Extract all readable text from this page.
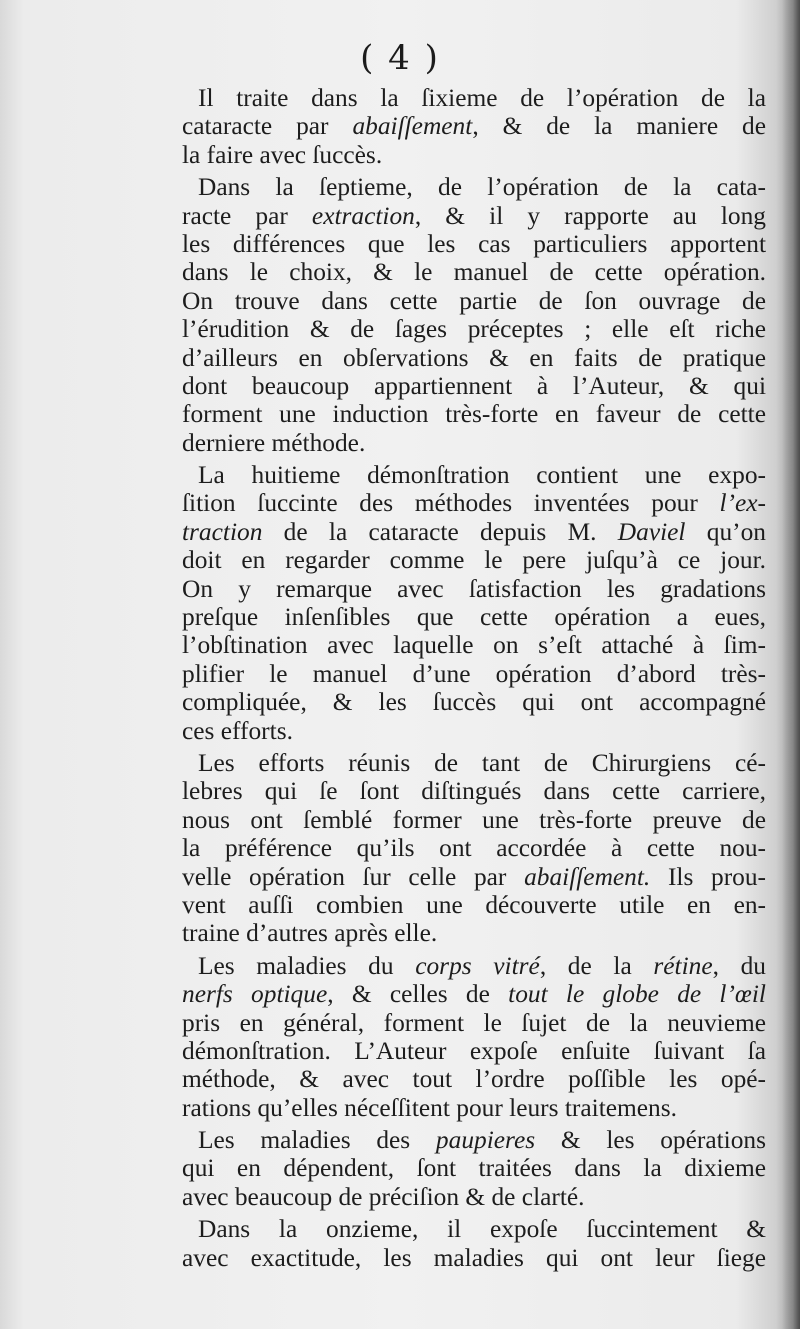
( 4 )
Il traite dans la ſixieme de l’opération de la
cataracte par abaiſſement, & de la maniere de
la faire avec ſuccès.
Dans la ſeptieme, de l’opération de la cata-
racte par extraction, & il y rapporte au long
les différences que les cas particuliers apportent
dans le choix, & le manuel de cette opération.
On trouve dans cette partie de ſon ouvrage de
l’érudition & de ſages préceptes ; elle eſt riche
d’ailleurs en obſervations & en faits de pratique
dont beaucoup appartiennent à l’Auteur, & qui
forment une induction très-forte en faveur de cette
derniere méthode.
La huitieme démonſtration contient une expo-
ſition ſuccinte des méthodes inventées pour l’ex-
traction de la cataracte depuis M. Daviel qu’on
doit en regarder comme le pere juſqu’à ce jour.
On y remarque avec ſatisfaction les gradations
preſque inſenſibles que cette opération a eues,
l’obſtination avec laquelle on s’eſt attaché à ſim-
plifier le manuel d’une opération d’abord très-
compliquée, & les ſuccès qui ont accompagné
ces efforts.
Les efforts réunis de tant de Chirurgiens cé-
lebres qui ſe ſont diſtingués dans cette carriere,
nous ont ſemblé former une très-forte preuve de
la préférence qu’ils ont accordée à cette nou-
velle opération ſur celle par abaiſſement. Ils prou-
vent auſſi combien une découverte utile en en-
traine d’autres après elle.
Les maladies du corps vitré, de la rétine, du
nerfs optique, & celles de tout le globe de l’œil
pris en général, forment le ſujet de la neuvieme
démonſtration. L’Auteur expoſe enſuite ſuivant ſa
méthode, & avec tout l’ordre poſſible les opé-
rations qu’elles néceſſitent pour leurs traitemens.
Les maladies des paupieres & les opérations
qui en dépendent, ſont traitées dans la dixieme
avec beaucoup de préciſion & de clarté.
Dans la onzieme, il expoſe ſuccintement &
avec exactitude, les maladies qui ont leur ſiege
